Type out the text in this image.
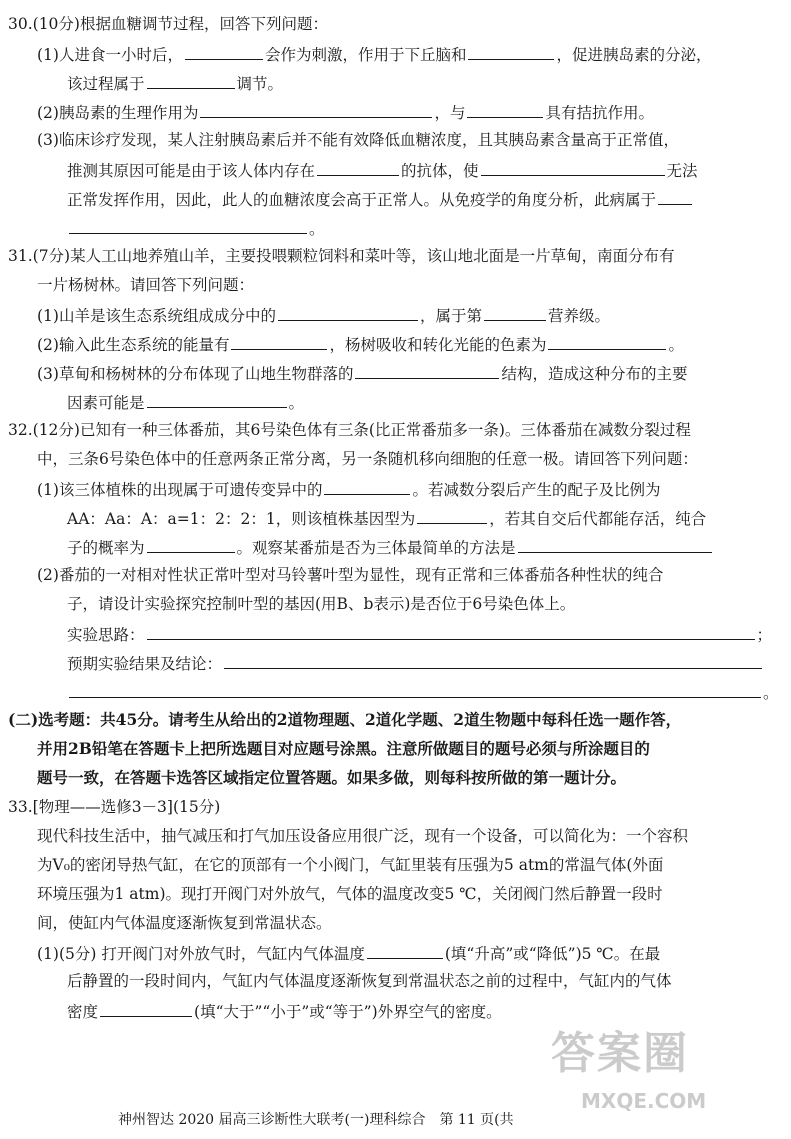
30.(10分)根据血糖调节过程，回答下列问题：
(1)人进食一小时后，	会作为刺激，作用于下丘脑和	，促进胰岛素的分泌，
该过程属于	调节。
(2)胰岛素的生理作用为	，与	具有拮抗作用。
(3)临床诊疗发现，某人注射胰岛素后并不能有效降低血糖浓度，且其胰岛素含量高于正常值，
推测其原因可能是由于该人体内存在	的抗体，使	无法
正常发挥作用，因此，此人的血糖浓度会高于正常人。从免疫学的角度分析，此病属于
。
31.(7分)某人工山地养殖山羊，主要投喂颗粒饲料和菜叶等，该山地北面是一片草甸，南面分布有
一片杨树林。请回答下列问题：
(1)山羊是该生态系统组成成分中的	，属于第	营养级。
(2)输入此生态系统的能量有	，杨树吸收和转化光能的色素为	。
(3)草甸和杨树林的分布体现了山地生物群落的	结构，造成这种分布的主要
因素可能是	。
32.(12分)已知有一种三体番茄，其6号染色体有三条(比正常番茄多一条)。三体番茄在减数分裂过程
中，三条6号染色体中的任意两条正常分离，另一条随机移向细胞的任意一极。请回答下列问题：
(1)该三体植株的出现属于可遗传变异中的	。若减数分裂后产生的配子及比例为
AA：Aa：A：a=1：2：2：1，则该植株基因型为	，若其自交后代都能存活，纯合
子的概率为	。观察某番茄是否为三体最简单的方法是
(2)番茄的一对相对性状正常叶型对马铃薯叶型为显性，现有正常和三体番茄各种性状的纯合
子，请设计实验探究控制叶型的基因(用B、b表示)是否位于6号染色体上。
实验思路：	；
预期实验结果及结论：
。
(二)选考题：共45分。请考生从给出的2道物理题、2道化学题、2道生物题中每科任选一题作答，
并用2B铅笔在答题卡上把所选题目对应题号涂黑。注意所做题目的题号必须与所涂题目的
题号一致，在答题卡选答区域指定位置答题。如果多做，则每科按所做的第一题计分。
33.[物理——选修3－3](15分)
现代科技生活中，抽气减压和打气加压设备应用很广泛，现有一个设备，可以简化为：一个容积
为V₀的密闭导热气缸，在它的顶部有一个小阀门，气缸里装有压强为5 atm的常温气体(外面
环境压强为1 atm)。现打开阀门对外放气，气体的温度改变5 ℃，关闭阀门然后静置一段时
间，使缸内气体温度逐渐恢复到常温状态。
(1)(5分) 打开阀门对外放气时，气缸内气体温度	(填“升高”或“降低”)5 ℃。在最
后静置的一段时间内，气缸内气体温度逐渐恢复到常温状态之前的过程中，气缸内的气体
密度	(填“大于”“小于”或“等于”)外界空气的密度。
神州智达 2020 届高三诊断性大联考(一)理科综合　第 11 页(共
答案圈
MXQE.COM
